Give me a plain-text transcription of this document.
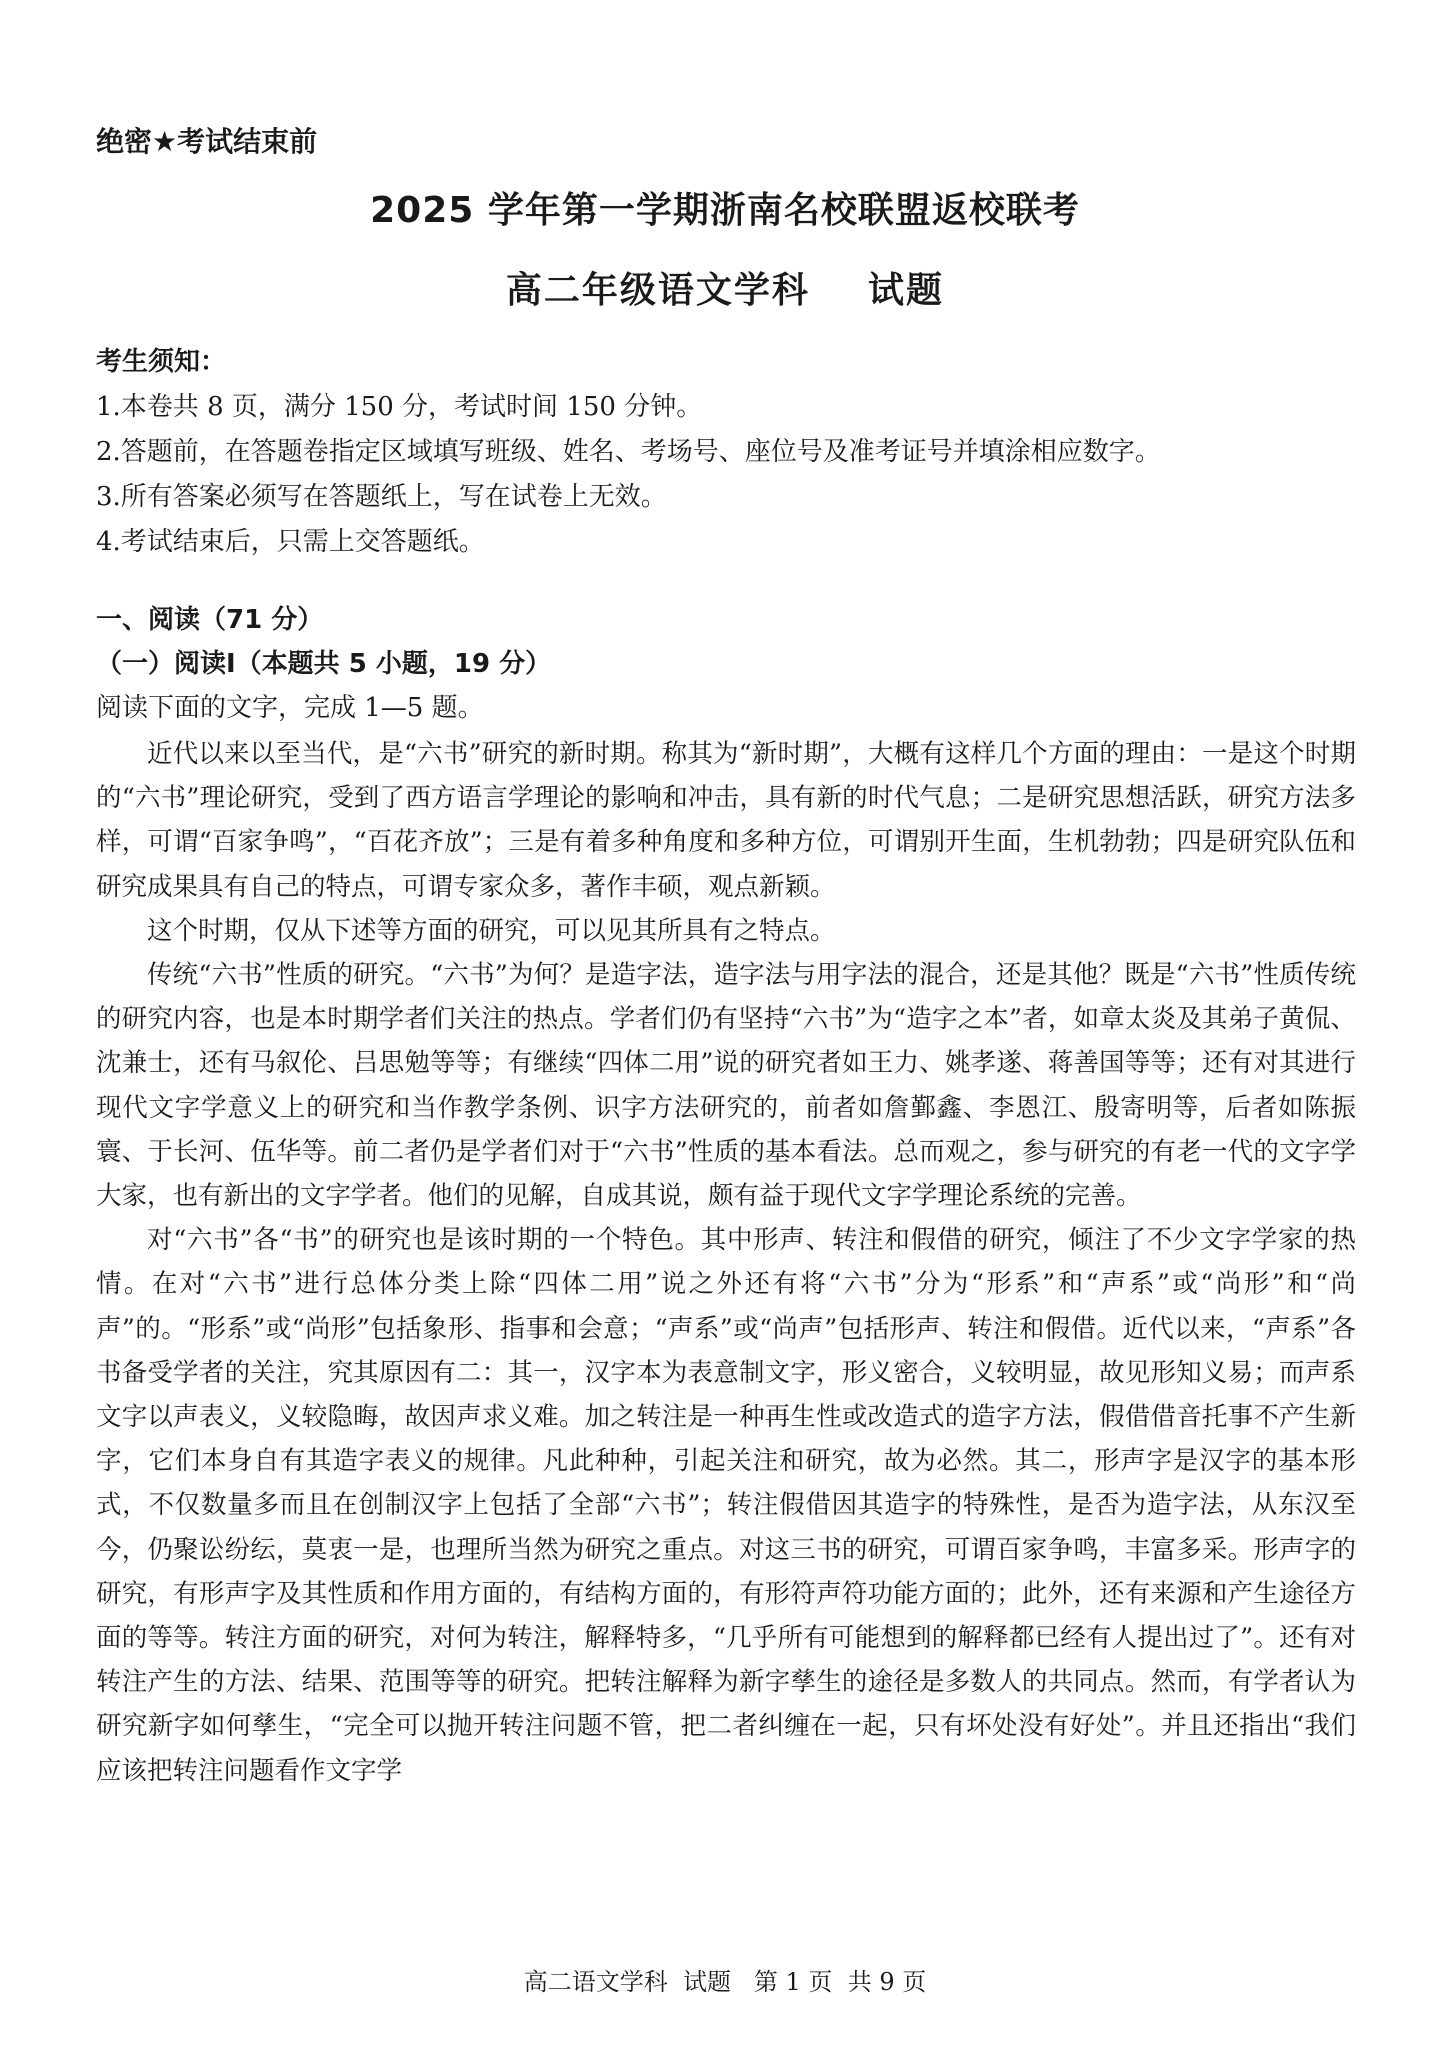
绝密★考试结束前
2025 学年第一学期浙南名校联盟返校联考
高二年级语文学科    试题
考生须知：
1.本卷共 8 页，满分 150 分，考试时间 150 分钟。
2.答题前，在答题卷指定区域填写班级、姓名、考场号、座位号及准考证号并填涂相应数字。
3.所有答案必须写在答题纸上，写在试卷上无效。
4.考试结束后，只需上交答题纸。
一、阅读（71 分）
（一）阅读Ⅰ（本题共 5 小题，19 分）
阅读下面的文字，完成 1—5 题。

近代以来以至当代，是“六书”研究的新时期。称其为“新时期”，大概有这样几个方面的理由：一是这个时期的“六书”理论研究，受到了西方语言学理论的影响和冲击，具有新的时代气息；二是研究思想活跃，研究方法多样，可谓“百家争鸣”，“百花齐放”；三是有着多种角度和多种方位，可谓别开生面，生机勃勃；四是研究队伍和研究成果具有自己的特点，可谓专家众多，著作丰硕，观点新颖。

这个时期，仅从下述等方面的研究，可以见其所具有之特点。

传统“六书”性质的研究。“六书”为何？是造字法，造字法与用字法的混合，还是其他？既是“六书”性质传统的研究内容，也是本时期学者们关注的热点。学者们仍有坚持“六书”为“造字之本”者，如章太炎及其弟子黄侃、沈兼士，还有马叙伦、吕思勉等等；有继续“四体二用”说的研究者如王力、姚孝遂、蒋善国等等；还有对其进行现代文字学意义上的研究和当作教学条例、识字方法研究的，前者如詹鄞鑫、李恩江、殷寄明等，后者如陈振寰、于长河、伍华等。前二者仍是学者们对于“六书”性质的基本看法。总而观之，参与研究的有老一代的文字学大家，也有新出的文字学者。他们的见解，自成其说，颇有益于现代文字学理论系统的完善。

对“六书”各“书”的研究也是该时期的一个特色。其中形声、转注和假借的研究，倾注了不少文字学家的热情。在对“六书”进行总体分类上除“四体二用”说之外还有将“六书”分为“形系”和“声系”或“尚形”和“尚声”的。“形系”或“尚形”包括象形、指事和会意；“声系”或“尚声”包括形声、转注和假借。近代以来，“声系”各书备受学者的关注，究其原因有二：其一，汉字本为表意制文字，形义密合，义较明显，故见形知义易；而声系文字以声表义，义较隐晦，故因声求义难。加之转注是一种再生性或改造式的造字方法，假借借音托事不产生新字，它们本身自有其造字表义的规律。凡此种种，引起关注和研究，故为必然。其二，形声字是汉字的基本形式，不仅数量多而且在创制汉字上包括了全部“六书”；转注假借因其造字的特殊性，是否为造字法，从东汉至今，仍聚讼纷纭，莫衷一是，也理所当然为研究之重点。对这三书的研究，可谓百家争鸣，丰富多采。形声字的研究，有形声字及其性质和作用方面的，有结构方面的，有形符声符功能方面的；此外，还有来源和产生途径方面的等等。转注方面的研究，对何为转注，解释特多，“几乎所有可能想到的解释都已经有人提出过了”。还有对转注产生的方法、结果、范围等等的研究。把转注解释为新字孳生的途径是多数人的共同点。然而，有学者认为研究新字如何孳生，“完全可以抛开转注问题不管，把二者纠缠在一起，只有坏处没有好处”。并且还指出“我们应该把转注问题看作文字学

高二语文学科  试题   第 1 页  共 9 页
